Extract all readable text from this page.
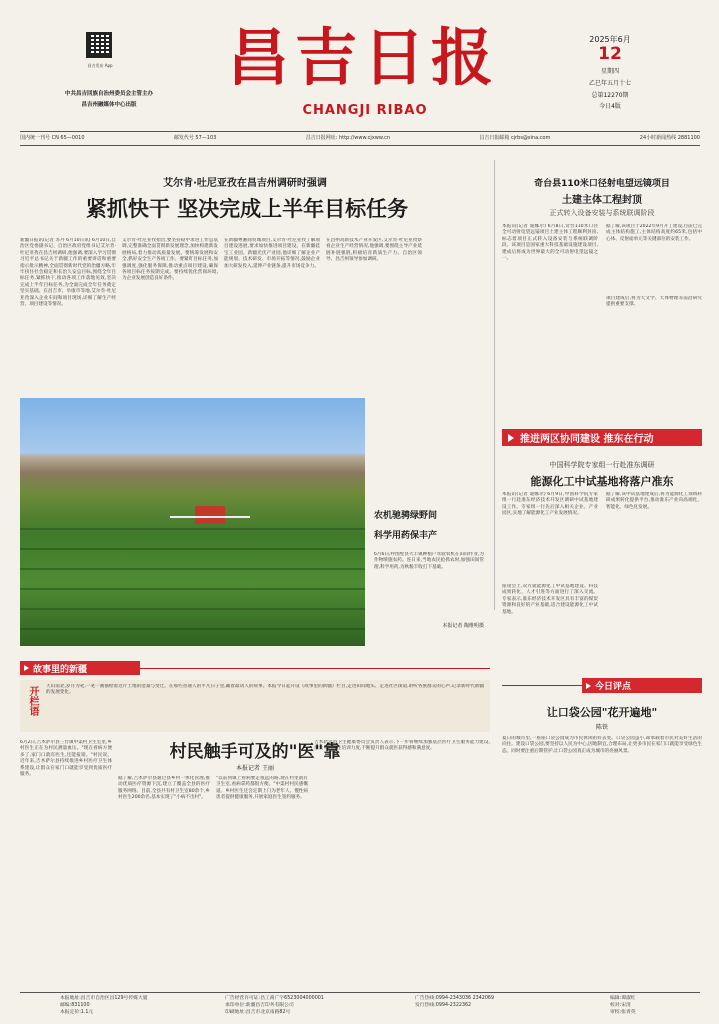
昌吉发布 App
中共昌吉回族自治州委员会主管主办
昌吉州融媒体中心出版
昌吉日报
CHANGJI RIBAO
2025年6月
12
星期四
乙巳年五月十七
总第12270期
今日4版
国内统一刊号 CN 65—0010	邮发代号 57—103	昌吉日报网址: http://www.cjxww.cn	昌吉日报邮箱 cjrbs@sina.com	24小时新闻热线 2881100
艾尔肯·吐尼亚孜在昌吉州调研时强调
紧抓快干 坚决完成上半年目标任务
新疆日报讯(记者 苏丹 6月10日讯) 6月10日,自治区党委副书记、自治区政府党组书记艾尔肯·吐尼亚孜在昌吉州调研,他强调,要深入学习贯彻习近平总书记关于新疆工作的重要讲话和重要指示批示精神,全面贯彻新时代党的治疆方略,牢牢扭住社会稳定和长治久安总目标,围绕全年目标任务,紧抓快干,推动各项工作落地见效,坚决完成上半年目标任务,为全面完成全年任务奠定坚实基础。在昌吉市、阜康市等地,艾尔肯·吐尼亚孜深入企业车间和项目现场,详细了解生产经营、项目建设等情况。
艾尔肯·吐尼亚孜指出,要坚持稳中求进工作总基调,完整准确全面贯彻新发展理念,加快构建新发展格局,着力推动高质量发展。要统筹发展和安全,抓好安全生产各项工作。要紧盯目标任务,加强调度,强化服务保障,推动重点项目建设,确保各项目标任务按期完成。要持续优化营商环境,为企业发展创造良好条件。
在新疆粤湘商贸城项目,艾尔肯·吐尼亚孜了解项目建设进展,要求加快推进项目建设。在新疆硅宝工业园、新疆光伏产业园,他详细了解企业产能规划、技术研发、市场开拓等情况,鼓励企业加大研发投入,延伸产业链条,提升市场竞争力。
在昌州高新技术产业开发区,艾尔肯·吐尼亚孜察看企业生产经营情况,他强调,要围绕主导产业延链补链强链,积极培育新质生产力。自治区领导、昌吉州领导参加调研。
奇台县110米口径射电望远镜项目
土建主体工程封顶
正式转入设备安装与系统联调阶段
本报讯(记者 迪娜尔) 6月8日,奇台110米口径全可动射电望远镜项目土建主体工程顺利封顶,标志着项目正式转入设备安装与系统联调阶段。该项目是国家重大科技基础设施建设项目,建成后将成为世界最大的全可动射电望远镜之一。
据了解,该项目于2022年9月开工建设,目前已完成主体结构施工,主体结构高度约65米,包括中心体、反射面单元等关键部位的安装工作。
项目建成后,将为天文学、天体物理等前沿研究提供重要支撑。
推进两区协同建设 推东在行动
中国科学院专家组一行赴准东调研
能源化工中试基地将落户准东
本报讯(记者 迪娜尔) 6月9日,中国科学院专家组一行赴准东经济技术开发区调研中试基地建设工作。专家组一行先后深入相关企业、产业园区,实地了解能源化工产业发展情况。
座谈会上,双方就能源化工中试基地建设、科技成果转化、人才引进等方面进行了深入交流。专家表示,准东经济技术开发区具有丰富的煤炭资源和良好的产业基础,适合建设能源化工中试基地。
据了解,该中试基地建成后,将为能源化工领域科研成果转化提供平台,推动准东产业向高端化、智能化、绿色化发展。
农机驰骋绿野间
科学用药保丰产
6月6日,呼图壁县大丰镇种植户驾驶农机在田间作业,为作物喷施农药。连日来,当地农民抢抓农时,加强田间管理,科学用药,为秋粮丰收打下基础。
本报记者 陶维明摄
故事里的新疆
开栏语 天山南北,岁月为笔,一笔一画描绘着这片土地的沧桑与变迁。在那些普通人的平凡日子里,藏着最动人的故事。本报今日起开设《故事里的新疆》栏目,走进田间地头、走进社区街道,聆听各族群众的心声,记录新时代新疆的发展变化。
村民触手可及的"医"靠
本报记者 王丽
6月2日,吉木萨尔县三台镇中渠村卫生室里,乡村医生正在为村民测量血压。"现在看病方便多了,家门口就有医生,还能报销。"村民说。近年来,吉木萨尔县持续推进乡村医疗卫生体系建设,让群众在家门口就能享受到优质医疗服务。
据了解,吉木萨尔县通过县乡村一体化管理,推动优质医疗资源下沉,建立了覆盖全县的医疗服务网络。目前,全县共有村卫生室80余个,乡村医生200余名,基本实现了"小病不出村"。
"以前到镇上看病要走很远的路,现在村里就有卫生室,看病拿药都很方便。"中渠村村民感慨道。乡村医生还会定期上门为老年人、慢性病患者提供健康服务,开展家庭医生签约服务。
吉木萨尔县卫生健康委员会负责人表示,下一步将继续加强基层医疗卫生服务能力建设,加大乡村医生培训力度,不断提升群众就医获得感和满意度。
今日评点
让口袋公园"花开遍地"
陈铁
夏日的城市里,一座座口袋公园成为市民休闲的好去处。口袋公园虽小,却承载着市民对美好生活的向往。建设口袋公园,要坚持以人民为中心,因地制宜,合理布局,让更多市民在家门口就能享受绿色生态。同时要注重后期管护,让口袋公园真正成为城市的亮丽风景。
本报地址:昌吉市自治区昌129号传媒大厦
邮编:831100
本报定价:1.1元
广告经营许可证:昌工商广字6523004000001
承印单位:新疆昌吉印务有限公司
印刷地址:昌吉市北京南路82号
广告热线:0994-2343036 2342069
发行热线:0994-2322362
编辑:谭淑红
校对:宋清
审校:张青英
